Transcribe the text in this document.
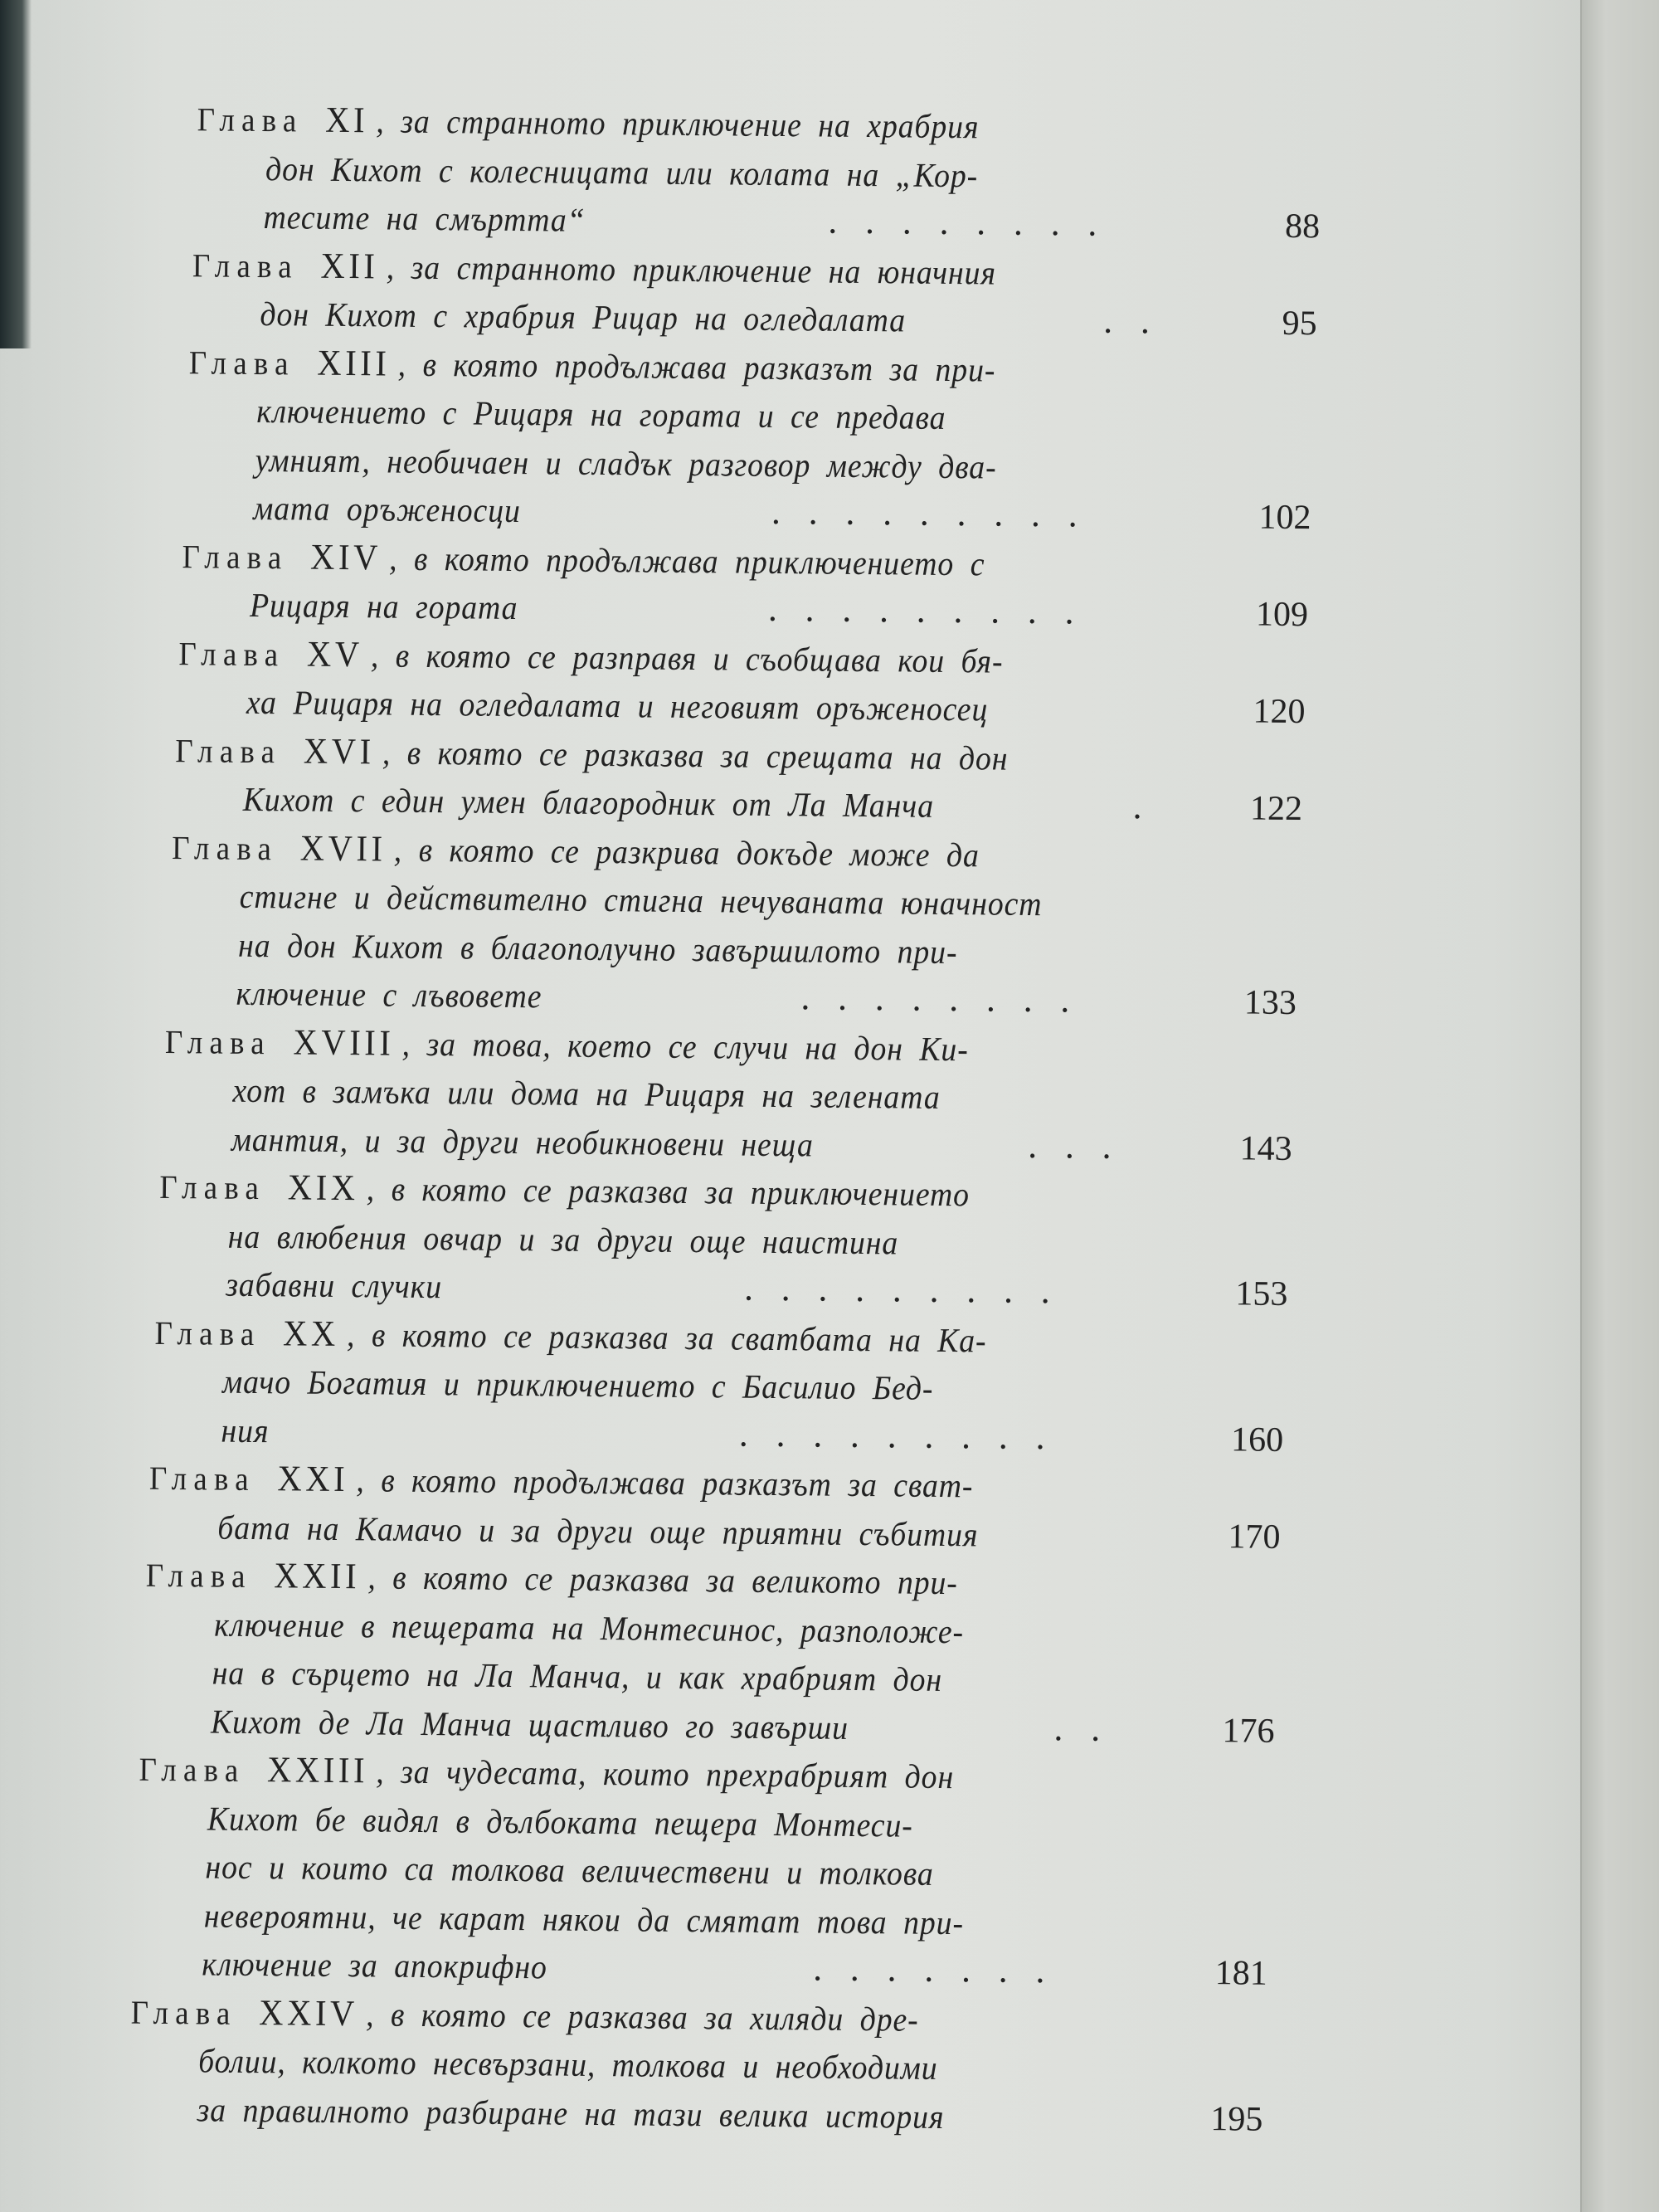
Глава XI , за странното приключение на храбрия
дон Кихот с колесницата или колата на „Кор-
тесите на смъртта“	........	88
Глава XII , за странното приключение на юначния
дон Кихот с храбрия Рицар на огледалата	..	95
Глава XIII , в която продължава разказът за при-
ключението с Рицаря на гората и се предава
умният, необичаен и сладък разговор между два-
мата оръженосци	.........	102
Глава XIV , в която продължава приключението с
Рицаря на гората	.........	109
Глава XV , в която се разправя и съобщава кои бя-
ха Рицаря на огледалата и неговият оръженосец	120
Глава XVI , в която се разказва за срещата на дон
Кихот с един умен благородник от Ла Манча	.	122
Глава XVII , в която се разкрива докъде може да
стигне и действително стигна нечуваната юначност
на дон Кихот в благополучно завършилото при-
ключение с лъвовете	........	133
Глава XVIII , за това, което се случи на дон Ки-
хот в замъка или дома на Рицаря на зелената
мантия, и за други необикновени неща	...	143
Глава XIX , в която се разказва за приключението
на влюбения овчар и за други още наистина
забавни случки	.........	153
Глава XX , в която се разказва за сватбата на Ка-
мачо Богатия и приключението с Басилио Бед-
ния	.........	160
Глава XXI , в която продължава разказът за сват-
бата на Камачо и за други още приятни събития	170
Глава XXII , в която се разказва за великото при-
ключение в пещерата на Монтесинос, разположе-
на в сърцето на Ла Манча, и как храбрият дон
Кихот де Ла Манча щастливо го завърши	..	176
Глава XXIII , за чудесата, които прехрабрият дон
Кихот бе видял в дълбоката пещера Монтеси-
нос и които са толкова величествени и толкова
невероятни, че карат някои да смятат това при-
ключение за апокрифно	.......	181
Глава XXIV , в която се разказва за хиляди дре-
болии, колкото несвързани, толкова и необходими
за правилното разбиране на тази велика история	195
